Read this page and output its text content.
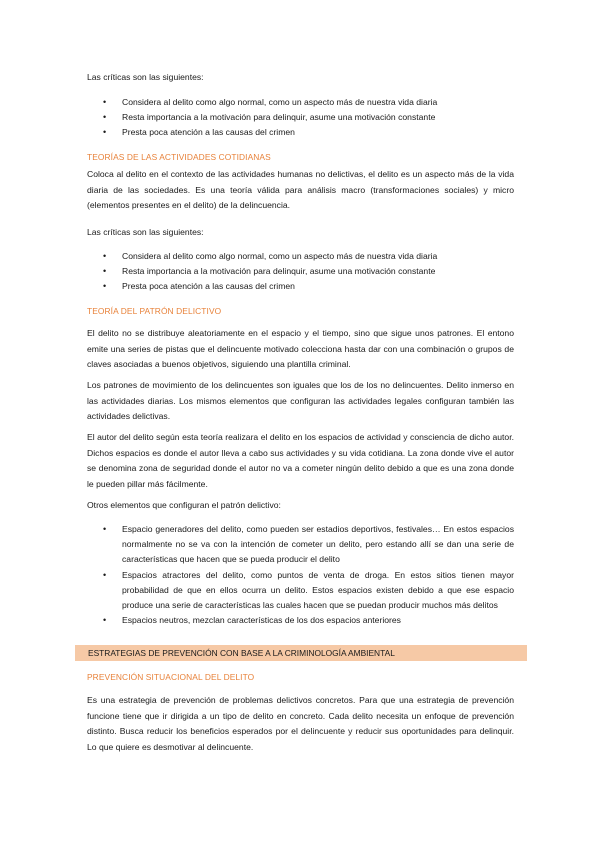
Las críticas son las siguientes:

• Considera al delito como algo normal, como un aspecto más de nuestra vida diaria
• Resta importancia a la motivación para delinquir, asume una motivación constante
• Presta poca atención a las causas del crimen
TEORÍAS DE LAS ACTIVIDADES COTIDIANAS

Coloca al delito en el contexto de las actividades humanas no delictivas, el delito es un aspecto más de la vida diaria de las sociedades. Es una teoría válida para análisis macro (transformaciones sociales) y micro (elementos presentes en el delito) de la delincuencia.

Las críticas son las siguientes:

• Considera al delito como algo normal, como un aspecto más de nuestra vida diaria
• Resta importancia a la motivación para delinquir, asume una motivación constante
• Presta poca atención a las causas del crimen
TEORÍA DEL PATRÓN DELICTIVO

El delito no se distribuye aleatoriamente en el espacio y el tiempo, sino que sigue unos patrones. El entono emite una series de pistas que el delincuente motivado colecciona hasta dar con una combinación o grupos de claves asociadas a buenos objetivos, siguiendo una plantilla criminal.

Los patrones de movimiento de los delincuentes son iguales que los de los no delincuentes. Delito inmerso en las actividades diarias. Los mismos elementos que configuran las actividades legales configuran también las actividades delictivas.

El autor del delito según esta teoría realizara el delito en los espacios de actividad y consciencia de dicho autor. Dichos espacios es donde el autor lleva a cabo sus actividades y su vida cotidiana. La zona donde vive el autor se denomina zona de seguridad donde el autor no va a cometer ningún delito debido a que es una zona donde le pueden pillar más fácilmente.

Otros elementos que configuran el patrón delictivo:

• Espacio generadores del delito, como pueden ser estadios deportivos, festivales… En estos espacios normalmente no se va con la intención de cometer un delito, pero estando allí se dan una serie de características que hacen que se pueda producir el delito
• Espacios atractores del delito, como puntos de venta de droga. En estos sitios tienen mayor probabilidad de que en ellos ocurra un delito. Estos espacios existen debido a que ese espacio produce una serie de características las cuales hacen que se puedan producir muchos más delitos
• Espacios neutros, mezclan características de los dos espacios anteriores
ESTRATEGIAS DE PREVENCIÓN CON BASE A LA CRIMINOLOGÍA AMBIENTAL
PREVENCIÓN SITUACIONAL DEL DELITO

Es una estrategia de prevención de problemas delictivos concretos. Para que una estrategia de prevención funcione tiene que ir dirigida a un tipo de delito en concreto. Cada delito necesita un enfoque de prevención distinto. Busca reducir los beneficios esperados por el delincuente y reducir sus oportunidades para delinquir. Lo que quiere es desmotivar al delincuente.
